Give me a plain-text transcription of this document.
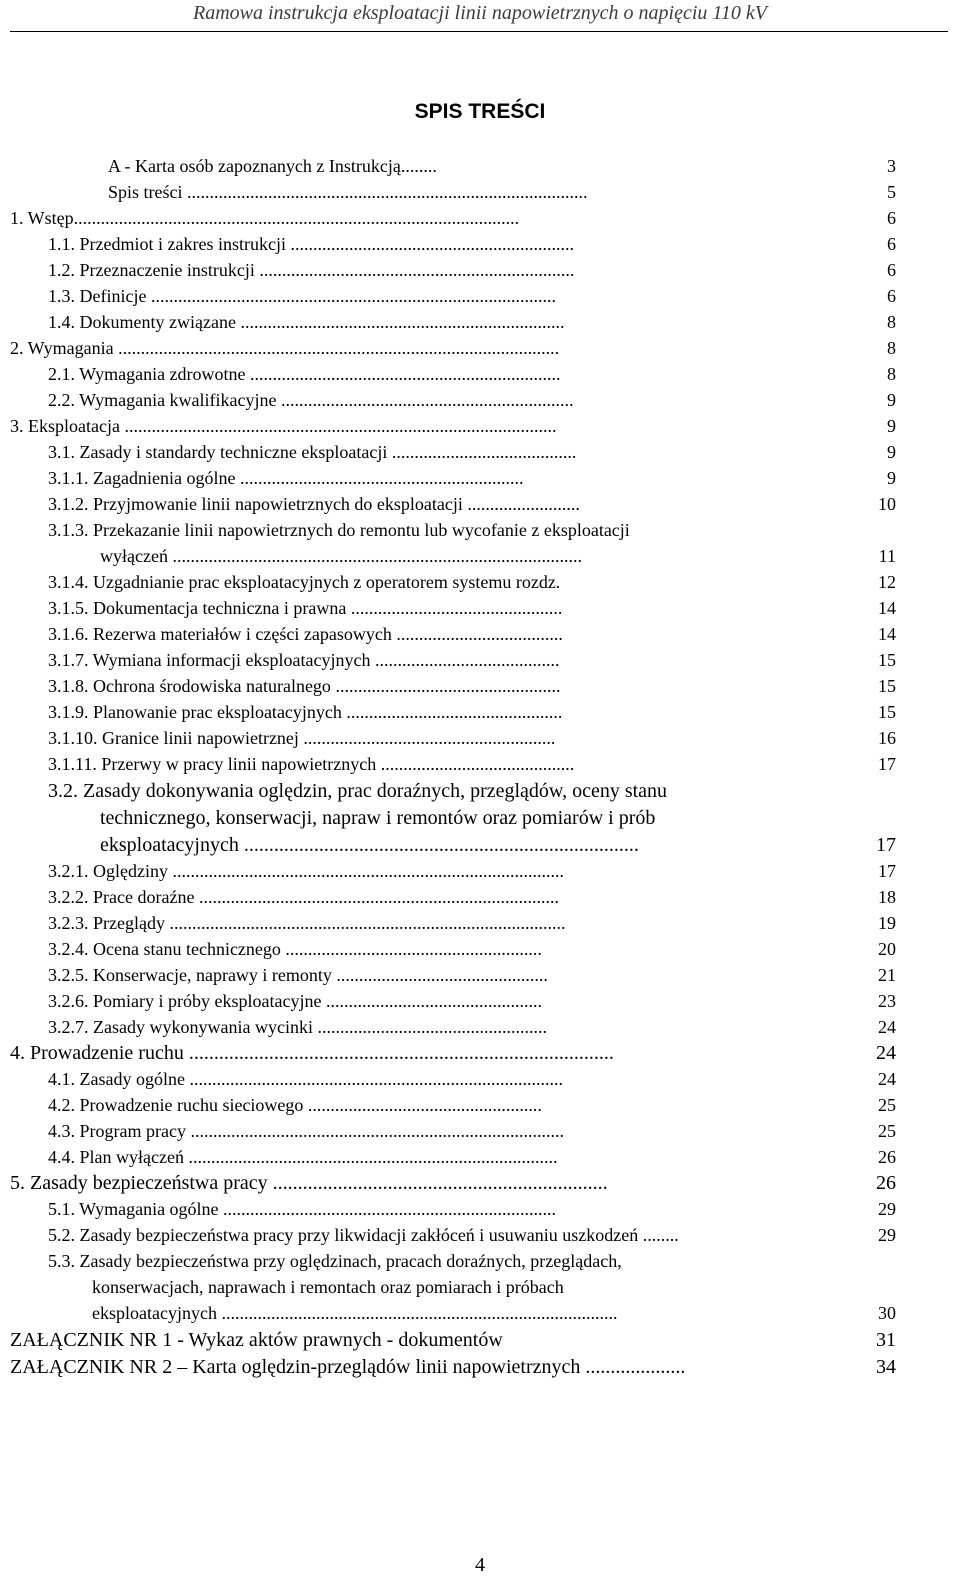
Ramowa instrukcja eksploatacji linii napowietrznych o napięciu 110 kV
SPIS TREŚCI
A - Karta osób zapoznanych z Instrukcją........	3
Spis treści .........................................................................................	5
1. Wstęp...................................................................................................	6
1.1. Przedmiot i zakres instrukcji ...............................................................	6
1.2. Przeznaczenie instrukcji ......................................................................	6
1.3. Definicje ..........................................................................................	6
1.4. Dokumenty związane ........................................................................	8
2. Wymagania ..................................................................................................	8
2.1. Wymagania zdrowotne .....................................................................	8
2.2. Wymagania kwalifikacyjne .................................................................	9
3. Eksploatacja ................................................................................................	9
3.1. Zasady i standardy techniczne eksploatacji .........................................	9
3.1.1. Zagadnienia ogólne ...............................................................	9
3.1.2. Przyjmowanie linii napowietrznych do eksploatacji .........................	10
3.1.3. Przekazanie linii napowietrznych do remontu lub wycofanie z eksploatacji
wyłączeń ...........................................................................................	11
3.1.4. Uzgadnianie prac eksploatacyjnych z operatorem systemu rozdz.	12
3.1.5. Dokumentacja techniczna i prawna ...............................................	14
3.1.6. Rezerwa materiałów i części zapasowych .....................................	14
3.1.7. Wymiana informacji eksploatacyjnych .........................................	15
3.1.8. Ochrona środowiska naturalnego ..................................................	15
3.1.9. Planowanie prac eksploatacyjnych ................................................	15
3.1.10. Granice linii napowietrznej ........................................................	16
3.1.11. Przerwy w pracy linii napowietrznych ...........................................	17
3.2. Zasady dokonywania oględzin, prac doraźnych, przeglądów, oceny stanu
technicznego, konserwacji, napraw i remontów oraz pomiarów i prób
eksploatacyjnych ...............................................................................	17
3.2.1. Oględziny .......................................................................................	17
3.2.2. Prace doraźne ................................................................................	18
3.2.3. Przeglądy ........................................................................................	19
3.2.4. Ocena stanu technicznego .........................................................	20
3.2.5. Konserwacje, naprawy i remonty ...............................................	21
3.2.6. Pomiary i próby eksploatacyjne ................................................	23
3.2.7. Zasady wykonywania wycinki ...................................................	24
4. Prowadzenie ruchu .....................................................................................	24
4.1. Zasady ogólne ...................................................................................	24
4.2. Prowadzenie ruchu sieciowego ....................................................	25
4.3. Program pracy ...................................................................................	25
4.4. Plan wyłączeń ..................................................................................	26
5. Zasady bezpieczeństwa pracy ...................................................................	26
5.1. Wymagania ogólne ..........................................................................	29
5.2. Zasady bezpieczeństwa pracy przy likwidacji zakłóceń i usuwaniu uszkodzeń ........	29
5.3. Zasady bezpieczeństwa przy oględzinach, pracach doraźnych, przeglądach,
konserwacjach, naprawach i remontach oraz pomiarach i próbach
eksploatacyjnych ........................................................................................	30
ZAŁĄCZNIK NR 1 - Wykaz aktów prawnych - dokumentów	31
ZAŁĄCZNIK NR 2 – Karta oględzin-przeglądów linii napowietrznych ....................	34
4
